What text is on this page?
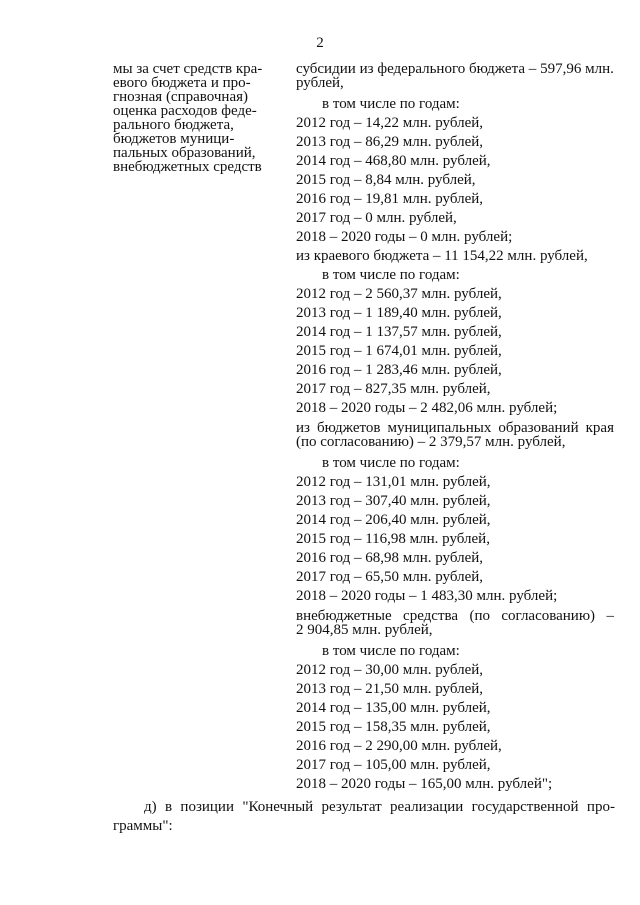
2
мы за счет средств кра-
евого бюджета и про-
гнозная (справочная)
оценка расходов феде-
рального бюджета,
бюджетов муници-
пальных образований,
внебюджетных средств
субсидии из федерального бюджета – 597,96 млн.
рублей,
в том числе по годам:
2012 год – 14,22 млн. рублей,
2013 год – 86,29 млн. рублей,
2014 год – 468,80 млн. рублей,
2015 год – 8,84 млн. рублей,
2016 год – 19,81 млн. рублей,
2017 год – 0 млн. рублей,
2018 – 2020 годы – 0 млн. рублей;
из краевого бюджета – 11 154,22 млн. рублей,
в том числе по годам:
2012 год – 2 560,37 млн. рублей,
2013 год – 1 189,40 млн. рублей,
2014 год – 1 137,57 млн. рублей,
2015 год – 1 674,01 млн. рублей,
2016 год – 1 283,46 млн. рублей,
2017 год – 827,35 млн. рублей,
2018 – 2020 годы – 2 482,06 млн. рублей;
из бюджетов муниципальных образований края
(по согласованию) – 2 379,57 млн. рублей,
в том числе по годам:
2012 год – 131,01 млн. рублей,
2013 год – 307,40 млн. рублей,
2014 год – 206,40 млн. рублей,
2015 год – 116,98 млн. рублей,
2016 год – 68,98 млн. рублей,
2017 год – 65,50 млн. рублей,
2018 – 2020 годы – 1 483,30 млн. рублей;
внебюджетные средства (по согласованию) –
2 904,85 млн. рублей,
в том числе по годам:
2012 год – 30,00 млн. рублей,
2013 год – 21,50 млн. рублей,
2014 год – 135,00 млн. рублей,
2015 год – 158,35 млн. рублей,
2016 год – 2 290,00 млн. рублей,
2017 год – 105,00 млн. рублей,
2018 – 2020 годы – 165,00 млн. рублей";
д) в позиции "Конечный результат реализации государственной про-
граммы":
